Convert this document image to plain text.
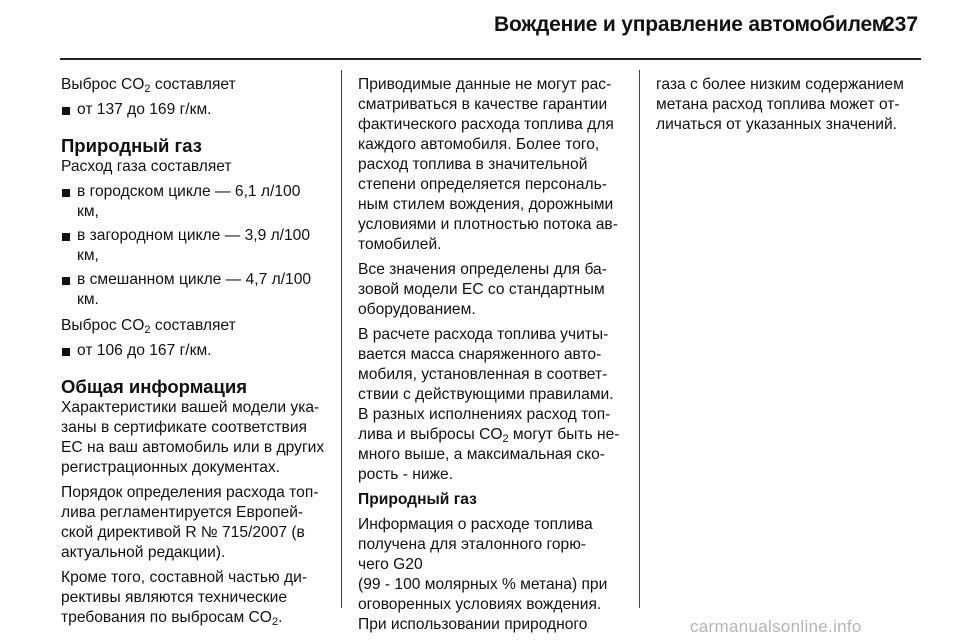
Вождение и управление автомобилем
237

Выброс $CO_2$ составляет

от 137 до 169 г/км.
Природный газ

Расход газа составляет

в городском цикле — 6,1 л/100
км,
в загородном цикле — 3,9 л/100
км,
в смешанном цикле — 4,7 л/100
км.

Выброс $CO_2$ составляет

от 106 до 167 г/км.
Общая информация

Характеристики вашей модели ука-
заны в сертификате соответствия
ЕС на ваш автомобиль или в других
регистрационных документах.

Порядок определения расхода топ-
лива регламентируется Европей-
ской директивой R № 715/2007 (в
актуальной редакции).

Кроме того, составной частью ди-
рективы являются технические
требования по выбросам $CO_2$.

Приводимые данные не могут рас-
сматриваться в качестве гарантии
фактического расхода топлива для
каждого автомобиля. Более того,
расход топлива в значительной
степени определяется персональ-
ным стилем вождения, дорожными
условиями и плотностью потока ав-
томобилей.

Все значения определены для ба-
зовой модели ЕС со стандартным
оборудованием.

В расчете расхода топлива учиты-
вается масса снаряженного авто-
мобиля, установленная в соответ-
ствии с действующими правилами.
В разных исполнениях расход топ-
лива и выбросы $CO_2$ могут быть не-
много выше, а максимальная ско-
рость - ниже.

Природный газ

Информация о расходе топлива
получена для эталонного горю-
чего G20
(99 - 100 молярных % метана) при
оговоренных условиях вождения.
При использовании природного

газа с более низким содержанием
метана расход топлива может от-
личаться от указанных значений.

carmanualsonline.info
